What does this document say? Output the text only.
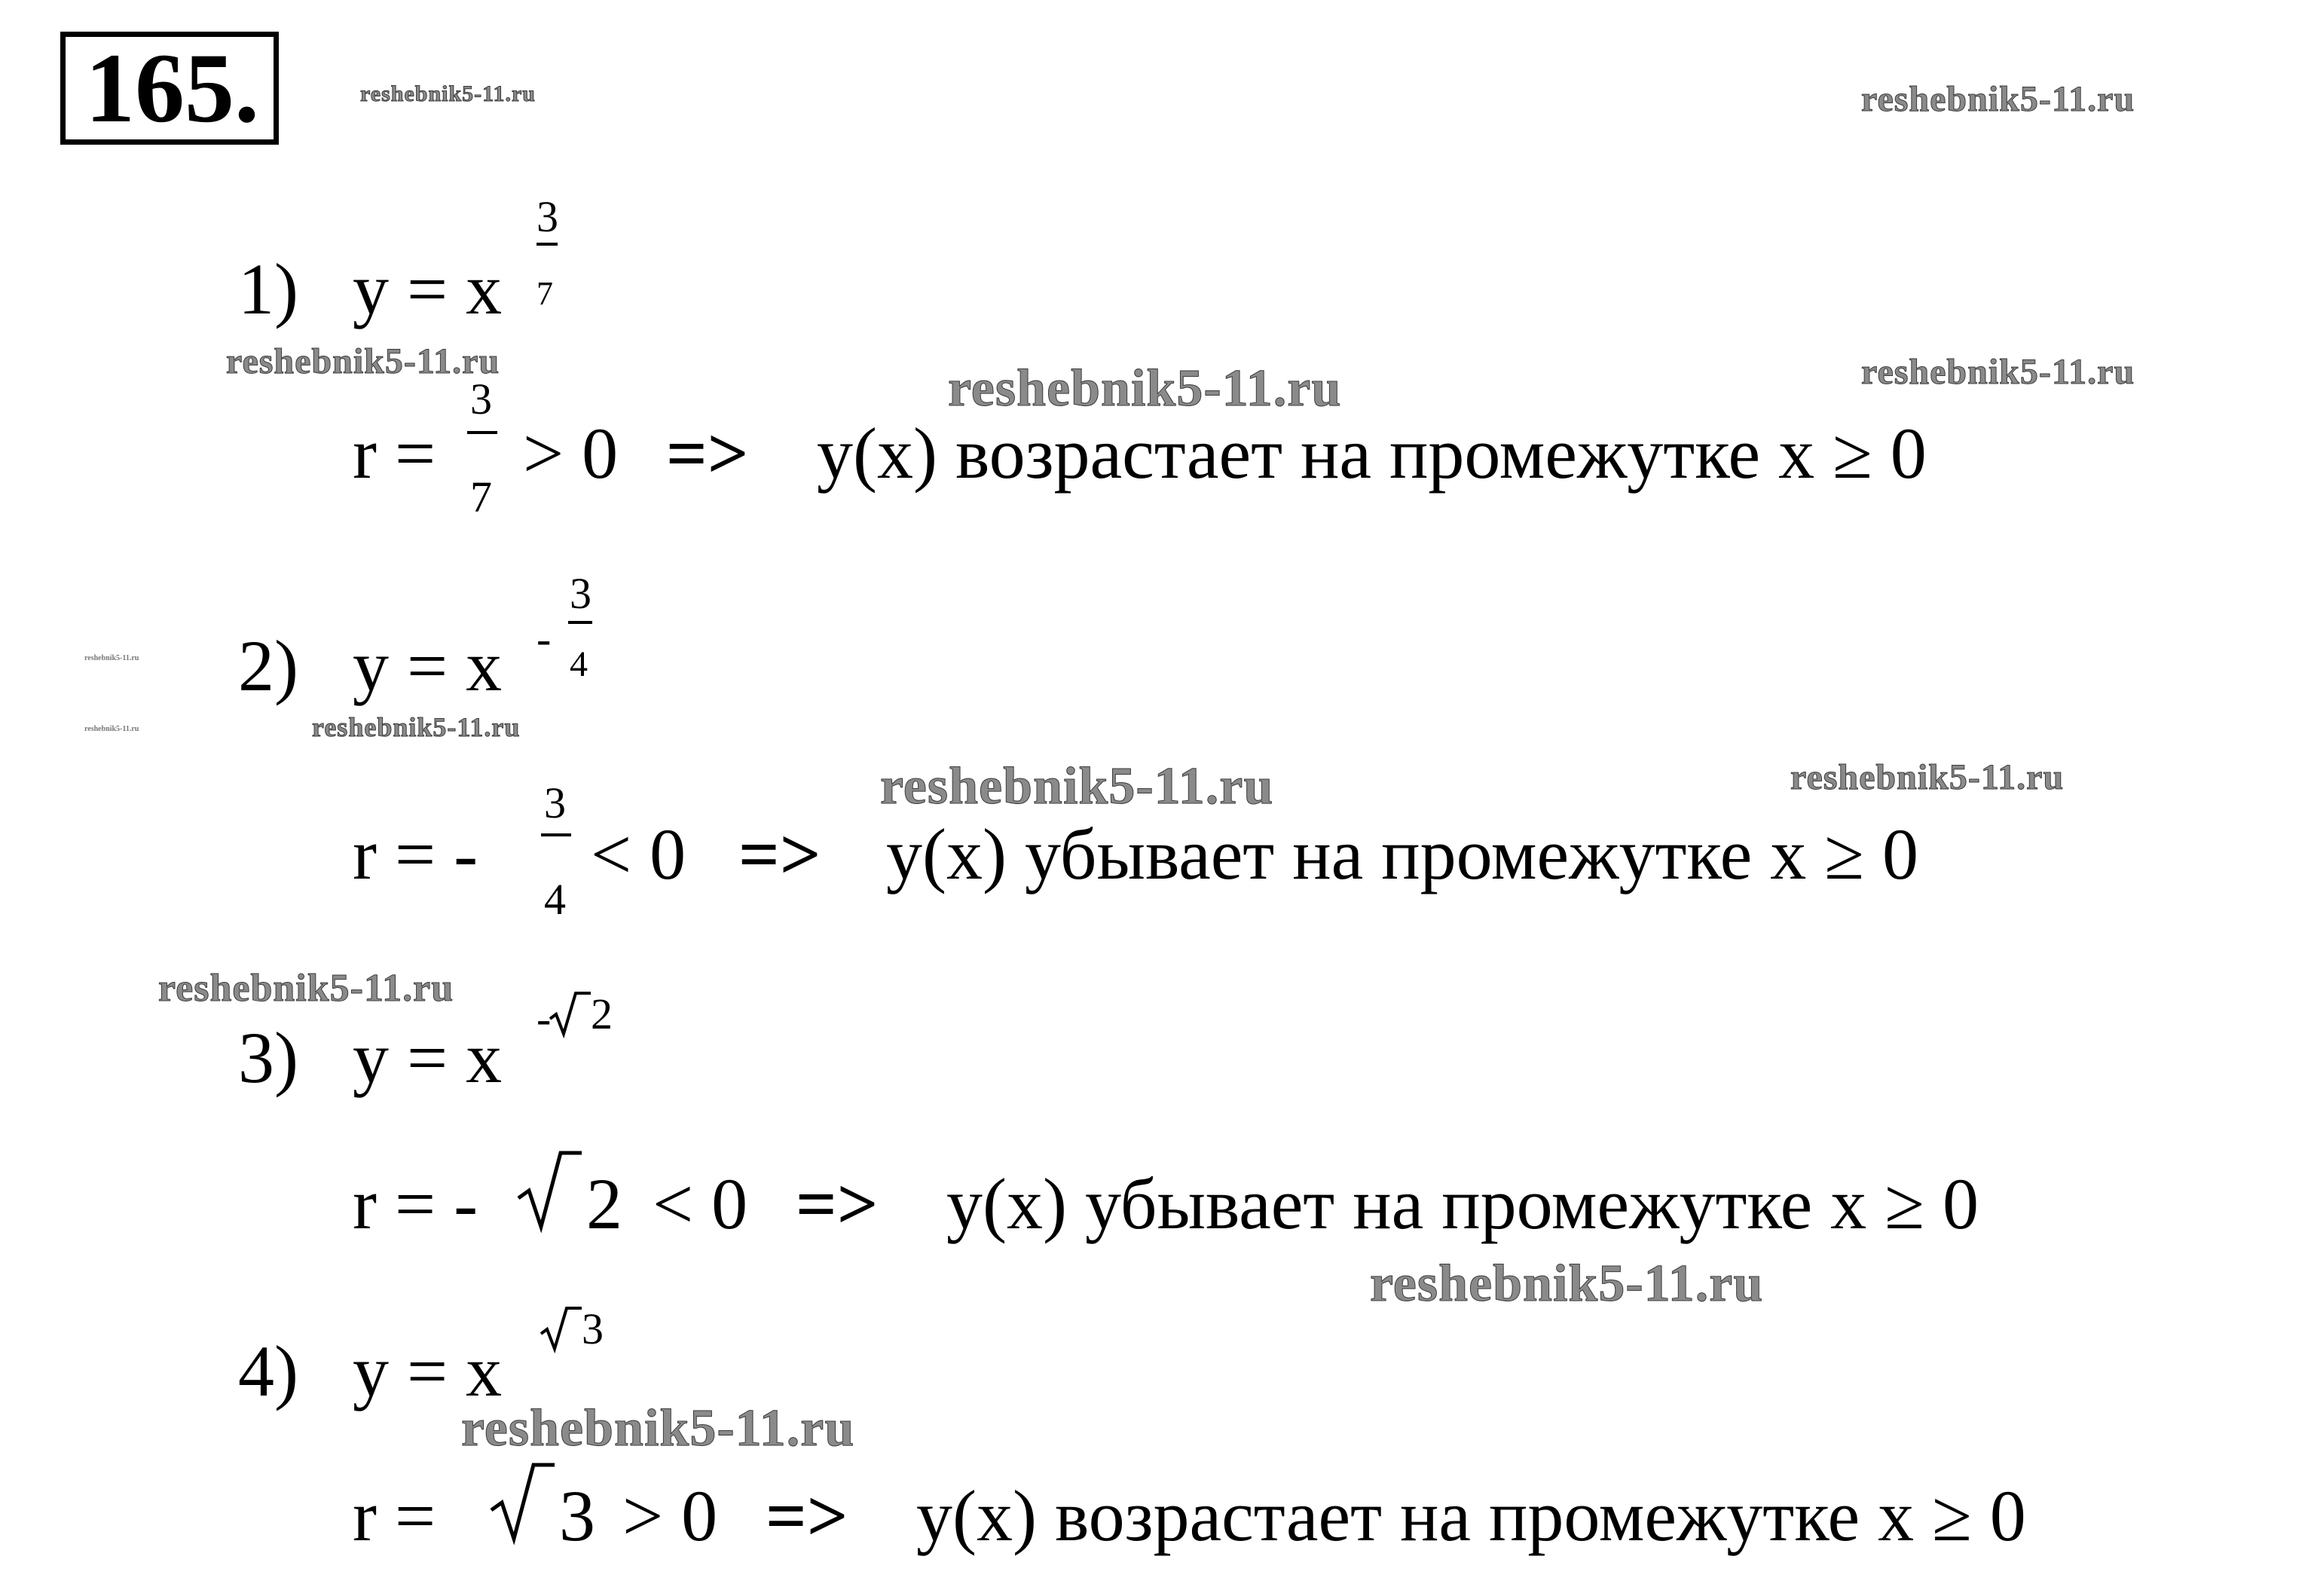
165.	reshebnik5-11.ru	reshebnik5-11.ru
reshebnik5-11.ru	reshebnik5-11.ru	reshebnik5-11.ru
reshebnik5-11.ru
reshebnik5-11.ru	reshebnik5-11.ru
reshebnik5-11.ru	reshebnik5-11.ru
reshebnik5-11.ru
reshebnik5-11.ru
reshebnik5-11.ru
1) y = x
3
7
r =
3
7
> 0 => y(x) возрастает на промежутке x ≥ 0
2) y = x -
3
4
r = -
3
4
< 0 => y(x) убывает на промежутке x ≥ 0
3) y = x - 2
r = - 2 < 0 => y(x) убывает на промежутке x ≥ 0
4) y = x
3
r = 3 > 0 => y(x) возрастает на промежутке x ≥ 0
